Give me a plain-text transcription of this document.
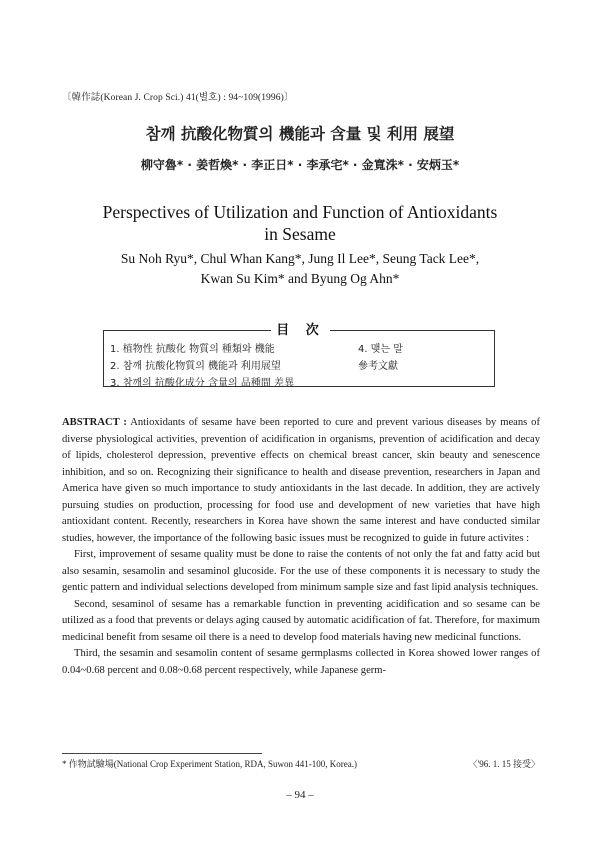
〔韓作誌(Korean J. Crop Sci.) 41(별호) : 94~109(1996)〕
참깨 抗酸化物質의 機能과 含量 및 利用 展望
柳守魯* · 姜哲煥* · 李正日* · 李承宅* · 金寬洙* · 安炳玉*
Perspectives of Utilization and Function of Antioxidants
in Sesame
Su Noh Ryu*, Chul Whan Kang*, Jung Il Lee*, Seung Tack Lee*,
Kwan Su Kim* and Byung Og Ahn*
目 次
1. 植物性 抗酸化 物質의 種類와 機能
2. 참깨 抗酸化物質의 機能과 利用展望
3. 참깨의 抗酸化成分 含量의 品種間 差異
4. 맺는 말
參考文獻

ABSTRACT : Antioxidants of sesame have been reported to cure and prevent various diseases by means of diverse physiological activities, prevention of acidification in organisms, prevention of acidification and decay of lipids, cholesterol depression, preventive effects on chemical breast cancer, skin beauty and senescence inhibition, and so on. Recognizing their significance to health and disease prevention, researchers in Japan and America have given so much importance to study antioxidants in the last decade. In addition, they are actively pursuing studies on production, processing for food use and development of new varieties that have high antioxidant content. Recently, researchers in Korea have shown the same interest and have conducted similar studies, however, the importance of the following basic issues must be recognized to guide in future activites :

First, improvement of sesame quality must be done to raise the contents of not only the fat and fatty acid but also sesamin, sesamolin and sesaminol glucoside. For the use of these components it is necessary to study the gentic pattern and individual selections developed from minimum sample size and fast lipid analysis techniques.

Second, sesaminol of sesame has a remarkable function in preventing acidification and so sesame can be utilized as a food that prevents or delays aging caused by automatic acidification of fat. Therefore, for maximum medicinal benefit from sesame oil there is a need to develop food materials having new medicinal functions.

Third, the sesamin and sesamolin content of sesame germplasms collected in Korea showed lower ranges of 0.04~0.68 percent and 0.08~0.68 percent respectively, while Japanese germ-

* 作物試驗場(National Crop Experiment Station, RDA, Suwon 441-100, Korea.)	〈'96. 1. 15 接受〉
– 94 –
